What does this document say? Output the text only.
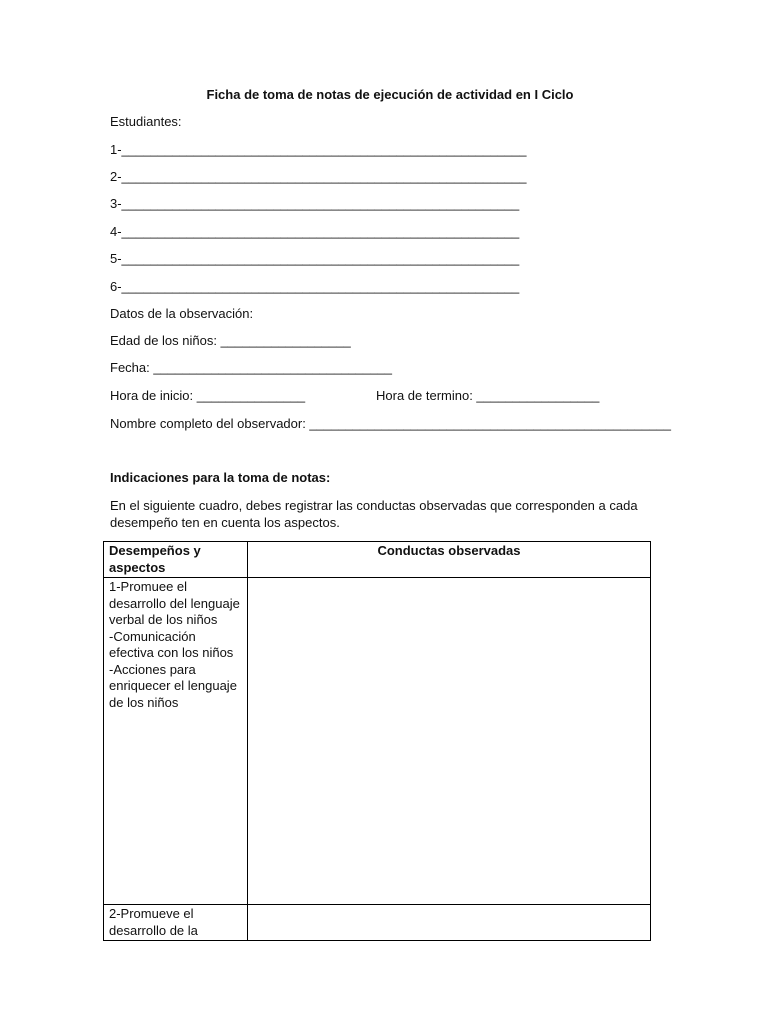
Ficha de toma de notas de ejecución de actividad en I Ciclo
Estudiantes:
1-________________________________________________________
2-________________________________________________________
3-_______________________________________________________
4-_______________________________________________________
5-_______________________________________________________
6-_______________________________________________________
Datos de la observación:
Edad de los niños: __________________
Fecha: _________________________________
Hora de inicio: _______________	Hora de termino: _________________
Nombre completo del observador: __________________________________________________
Indicaciones para la toma de notas:
En el siguiente cuadro, debes registrar las conductas observadas que corresponden a cada desempeño ten en cuenta los aspectos.
Desempeños y aspectos	Conductas observadas
1-Promuee el desarrollo del lenguaje verbal de los niños
-Comunicación efectiva con los niños
-Acciones para enriquecer el lenguaje de los niños	
2-Promueve el desarrollo de la	
